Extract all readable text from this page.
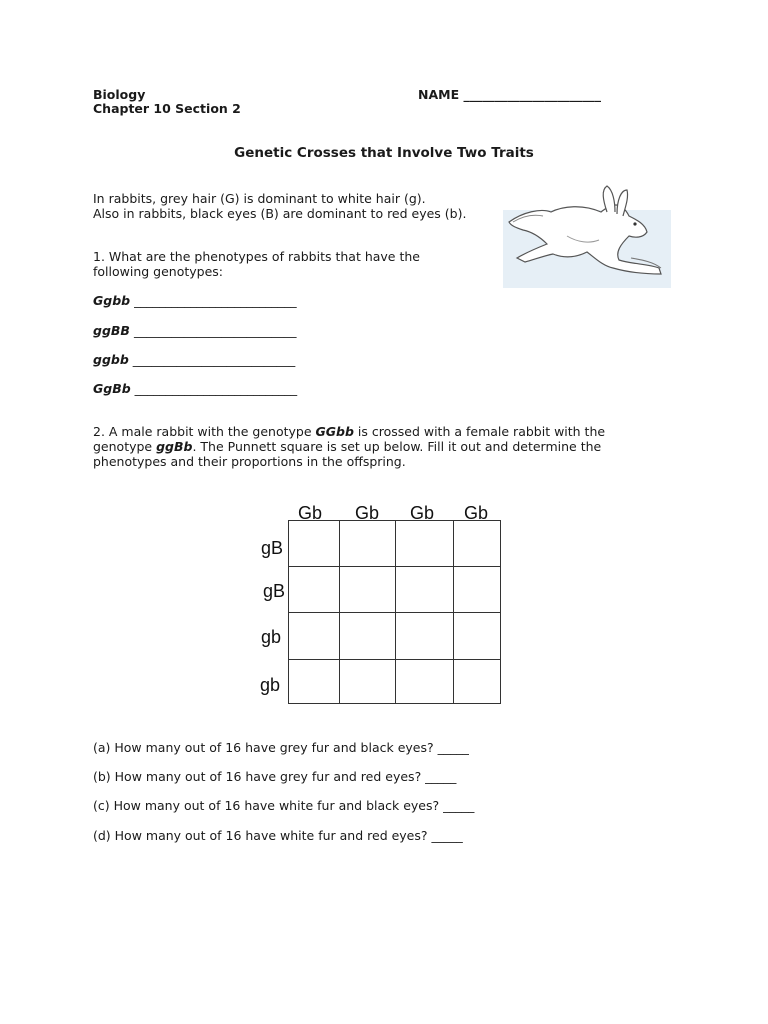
Biology
Chapter 10 Section 2
NAME ______________________
Genetic Crosses that Involve Two Traits
In rabbits, grey hair (G) is dominant to white hair (g).
Also in rabbits, black eyes (B) are dominant to red eyes (b).
1. What are the phenotypes of rabbits that have the
following genotypes:
Ggbb __________________________
ggBB __________________________
ggbb __________________________
GgBb __________________________
2. A male rabbit with the genotype GGbb is crossed with a female rabbit with the
genotype ggBb. The Punnett square is set up below. Fill it out and determine the
phenotypes and their proportions in the offspring.
Gb Gb Gb Gb
gB
gB
gb
gb
(a) How many out of 16 have grey fur and black eyes? _____
(b) How many out of 16 have grey fur and red eyes? _____
(c) How many out of 16 have white fur and black eyes? _____
(d) How many out of 16 have white fur and red eyes? _____
